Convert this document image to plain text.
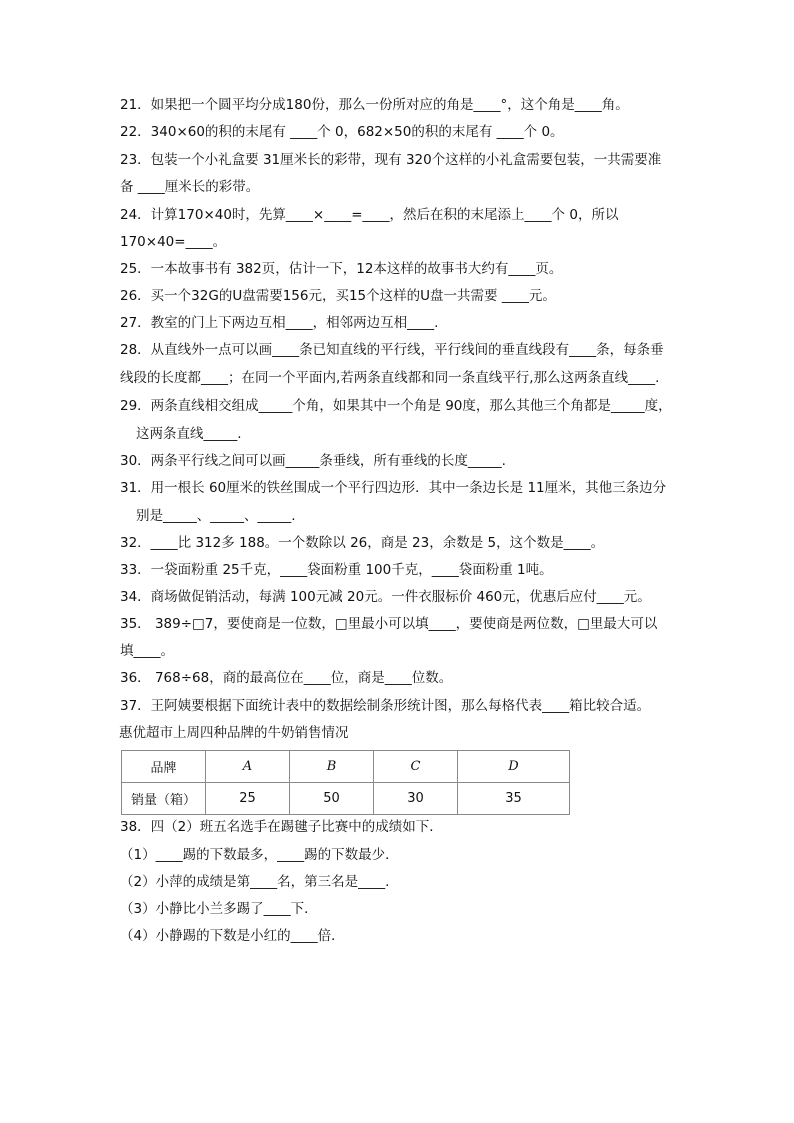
21．如果把一个圆平均分成180份，那么一份所对应的角是____°，这个角是____角。
22．340×60的积的末尾有 ____个 0，682×50的积的末尾有 ____个 0。
23．包装一个小礼盒要 31厘米长的彩带，现有 320个这样的小礼盒需要包装，一共需要准
备 ____厘米长的彩带。
24．计算170×40时，先算____×____=____，然后在积的末尾添上____个 0，所以
170×40=____。
25．一本故事书有 382页，估计一下，12本这样的故事书大约有____页。
26．买一个32G的U盘需要156元，买15个这样的U盘一共需要 ____元。
27．教室的门上下两边互相____，相邻两边互相____.
28．从直线外一点可以画____条已知直线的平行线，平行线间的垂直线段有____条，每条垂
线段的长度都____；在同一个平面内,若两条直线都和同一条直线平行,那么这两条直线____.
29．两条直线相交组成_____个角，如果其中一个角是 90度，那么其他三个角都是_____度，
这两条直线_____.
30．两条平行线之间可以画_____条垂线，所有垂线的长度_____.
31．用一根长 60厘米的铁丝围成一个平行四边形．其中一条边长是 11厘米，其他三条边分
别是_____、_____、_____.
32．____比 312多 188。一个数除以 26，商是 23，余数是 5，这个数是____。
33．一袋面粉重 25千克，____袋面粉重 100千克，____袋面粉重 1吨。
34．商场做促销活动，每满 100元减 20元。一件衣服标价 460元，优惠后应付____元。
35． 389÷□7，要使商是一位数，□里最小可以填____，要使商是两位数，□里最大可以
填____。
36． 768÷68，商的最高位在____位，商是____位数。
37．王阿姨要根据下面统计表中的数据绘制条形统计图，那么每格代表____箱比较合适。
惠优超市上周四种品牌的牛奶销售情况
品牌	A	B	C	D
销量（箱）	25	50	30	35
38．四（2）班五名选手在踢毽子比赛中的成绩如下．
（1）____踢的下数最多，____踢的下数最少．
（2）小萍的成绩是第____名，第三名是____.
（3）小静比小兰多踢了____下．
（4）小静踢的下数是小红的____倍．
